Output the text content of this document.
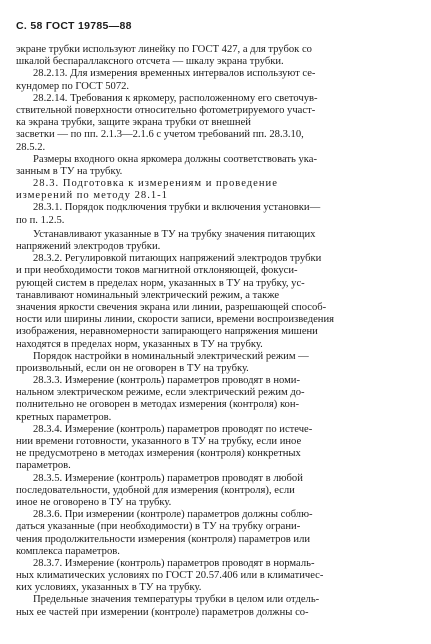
С. 58 ГОСТ 19785—88
экране трубки используют линейку по ГОСТ 427, а для трубок со
шкалой беспараллаксного отсчета — шкалу экрана трубки.
28.2.13. Для измерения временных интервалов используют се-
кундомер по ГОСТ 5072.
28.2.14. Требования к яркомеру, расположенному его светочув-
ствительной поверхности относительно фотометрируемого участ-
ка экрана трубки, защите экрана трубки от внешней
засветки — по пп. 2.1.3—2.1.6 с учетом требований пп. 28.3.10,
28.5.2.
Размеры входного окна яркомера должны соответствовать ука-
занным в ТУ на трубку.
28.3. Подготовка к измерениям и проведение
измерений по методу 28.1-1
28.3.1. Порядок подключения трубки и включения установки—
по п. 1.2.5.
Устанавливают указанные в ТУ на трубку значения питающих
напряжений электродов трубки.
28.3.2. Регулировкой питающих напряжений электродов трубки
и при необходимости токов магнитной отклоняющей, фокуси-
рующей систем в пределах норм, указанных в ТУ на трубку, ус-
танавливают номинальный электрический режим, а также
значения яркости свечения экрана или линии, разрешающей способ-
ности или ширины линии, скорости записи, времени воспроизведения
изображения, неравномерности запирающего напряжения мишени
находятся в пределах норм, указанных в ТУ на трубку.
Порядок настройки в номинальный электрический режим —
произвольный, если он не оговорен в ТУ на трубку.
28.3.3. Измерение (контроль) параметров проводят в номи-
нальном электрическом режиме, если электрический режим до-
полнительно не оговорен в методах измерения (контроля) кон-
кретных параметров.
28.3.4. Измерение (контроль) параметров проводят по истече-
нии времени готовности, указанного в ТУ на трубку, если иное
не предусмотрено в методах измерения (контроля) конкретных
параметров.
28.3.5. Измерение (контроль) параметров проводят в любой
последовательности, удобной для измерения (контроля), если
иное не оговорено в ТУ на трубку.
28.3.6. При измерении (контроле) параметров должны соблю-
даться указанные (при необходимости) в ТУ на трубку ограни-
чения продолжительности измерения (контроля) параметров или
комплекса параметров.
28.3.7. Измерение (контроль) параметров проводят в нормаль-
ных климатических условиях по ГОСТ 20.57.406 или в климатичес-
ких условиях, указанных в ТУ на трубку.
Предельные значения температуры трубки в целом или отдель-
ных ее частей при измерении (контроле) параметров должны со-
